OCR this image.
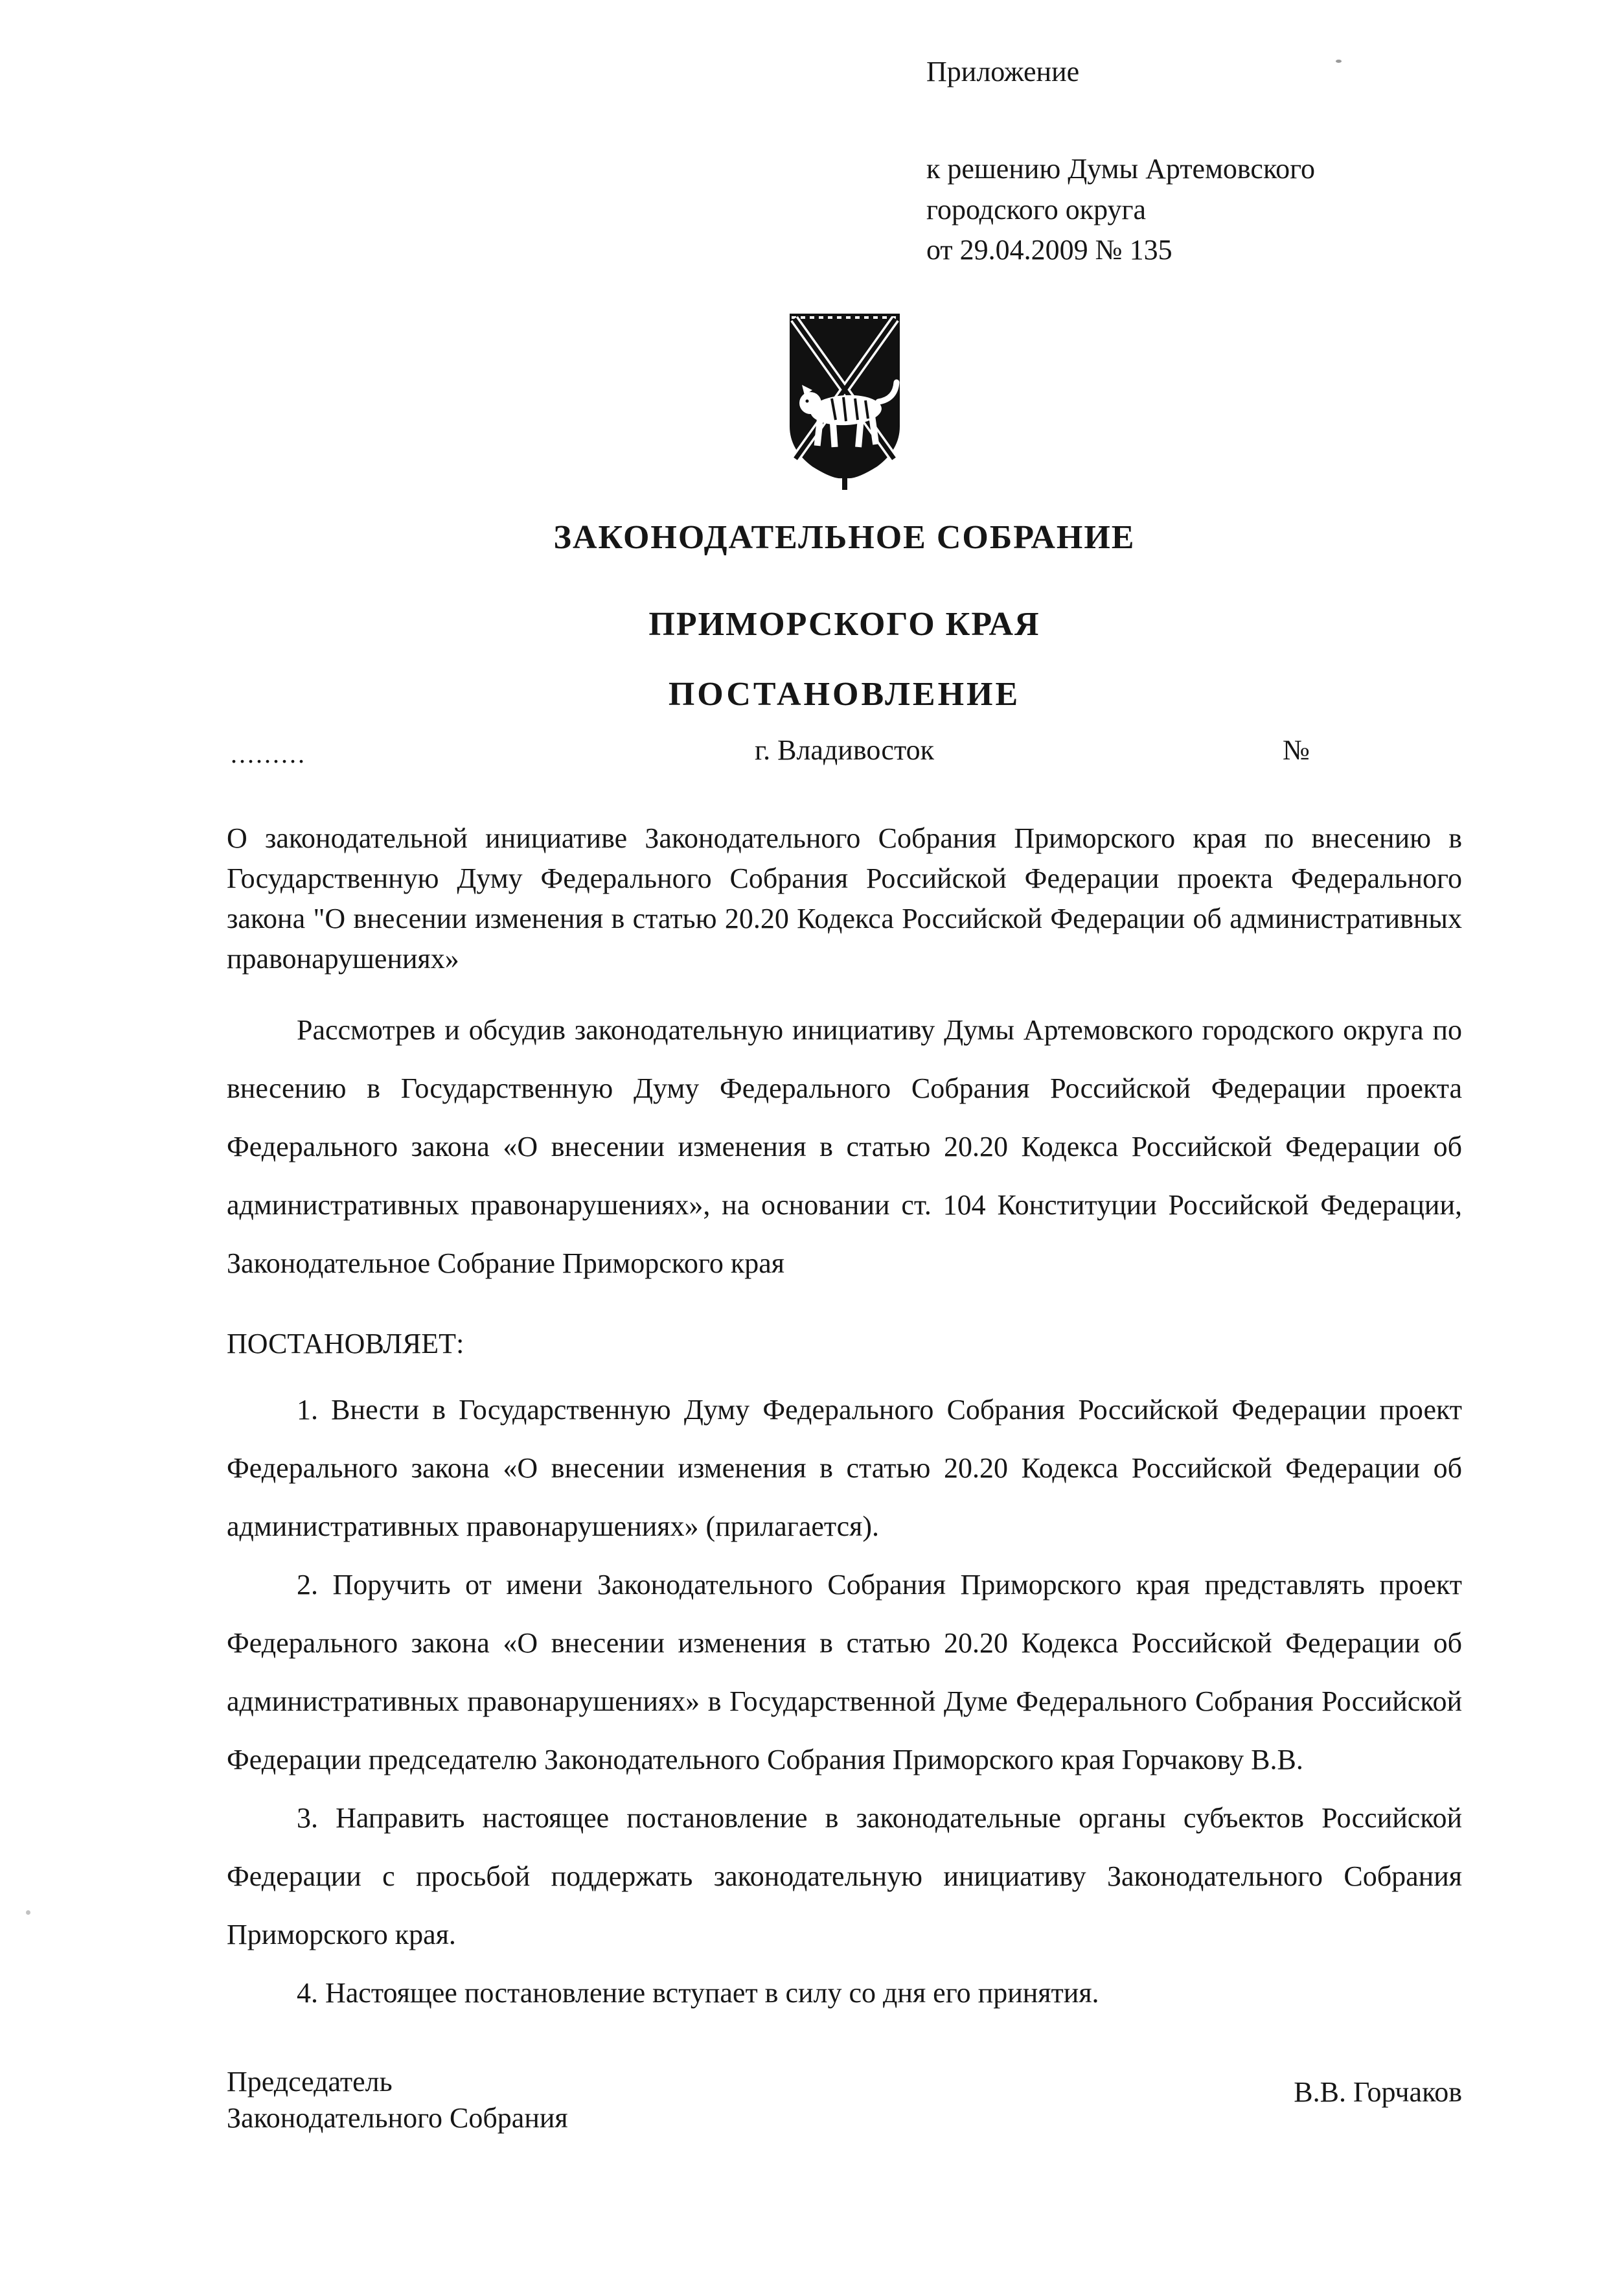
Приложение

к решению Думы Артемовского

городского округа

от 29.04.2009 № 135

ЗАКОНОДАТЕЛЬНОЕ СОБРАНИЕ

ПРИМОРСКОГО КРАЯ

ПОСТАНОВЛЕНИЕ

.........	г. Владивосток	№

О законодательной инициативе Законодательного Собрания Приморского края по внесению в Государственную Думу Федерального Собрания Российской Федерации проекта Федерального закона "О внесении изменения в статью 20.20 Кодекса Российской Федерации об административных правонарушениях»

Рассмотрев и обсудив законодательную инициативу Думы Артемовского городского округа по внесению в Государственную Думу Федерального Собрания Российской Федерации проекта Федерального закона «О внесении изменения в статью 20.20 Кодекса Российской Федерации об административных правонарушениях», на основании ст. 104 Конституции Российской Федерации, Законодательное Собрание Приморского края

ПОСТАНОВЛЯЕТ:

1. Внести в Государственную Думу Федерального Собрания Российской Федерации проект Федерального закона «О внесении изменения в статью 20.20 Кодекса Российской Федерации об административных правонарушениях» (прилагается).

2. Поручить от имени Законодательного Собрания Приморского края представлять проект Федерального закона «О внесении изменения в статью 20.20 Кодекса Российской Федерации об административных правонарушениях» в Государственной Думе Федерального Собрания Российской Федерации председателю Законодательного Собрания Приморского края Горчакову В.В.

3. Направить настоящее постановление в законодательные органы субъектов Российской Федерации с просьбой поддержать законодательную инициативу Законодательного Собрания Приморского края.

4. Настоящее постановление вступает в силу со дня его принятия.

Председатель

Законодательного Собрания

В.В. Горчаков
